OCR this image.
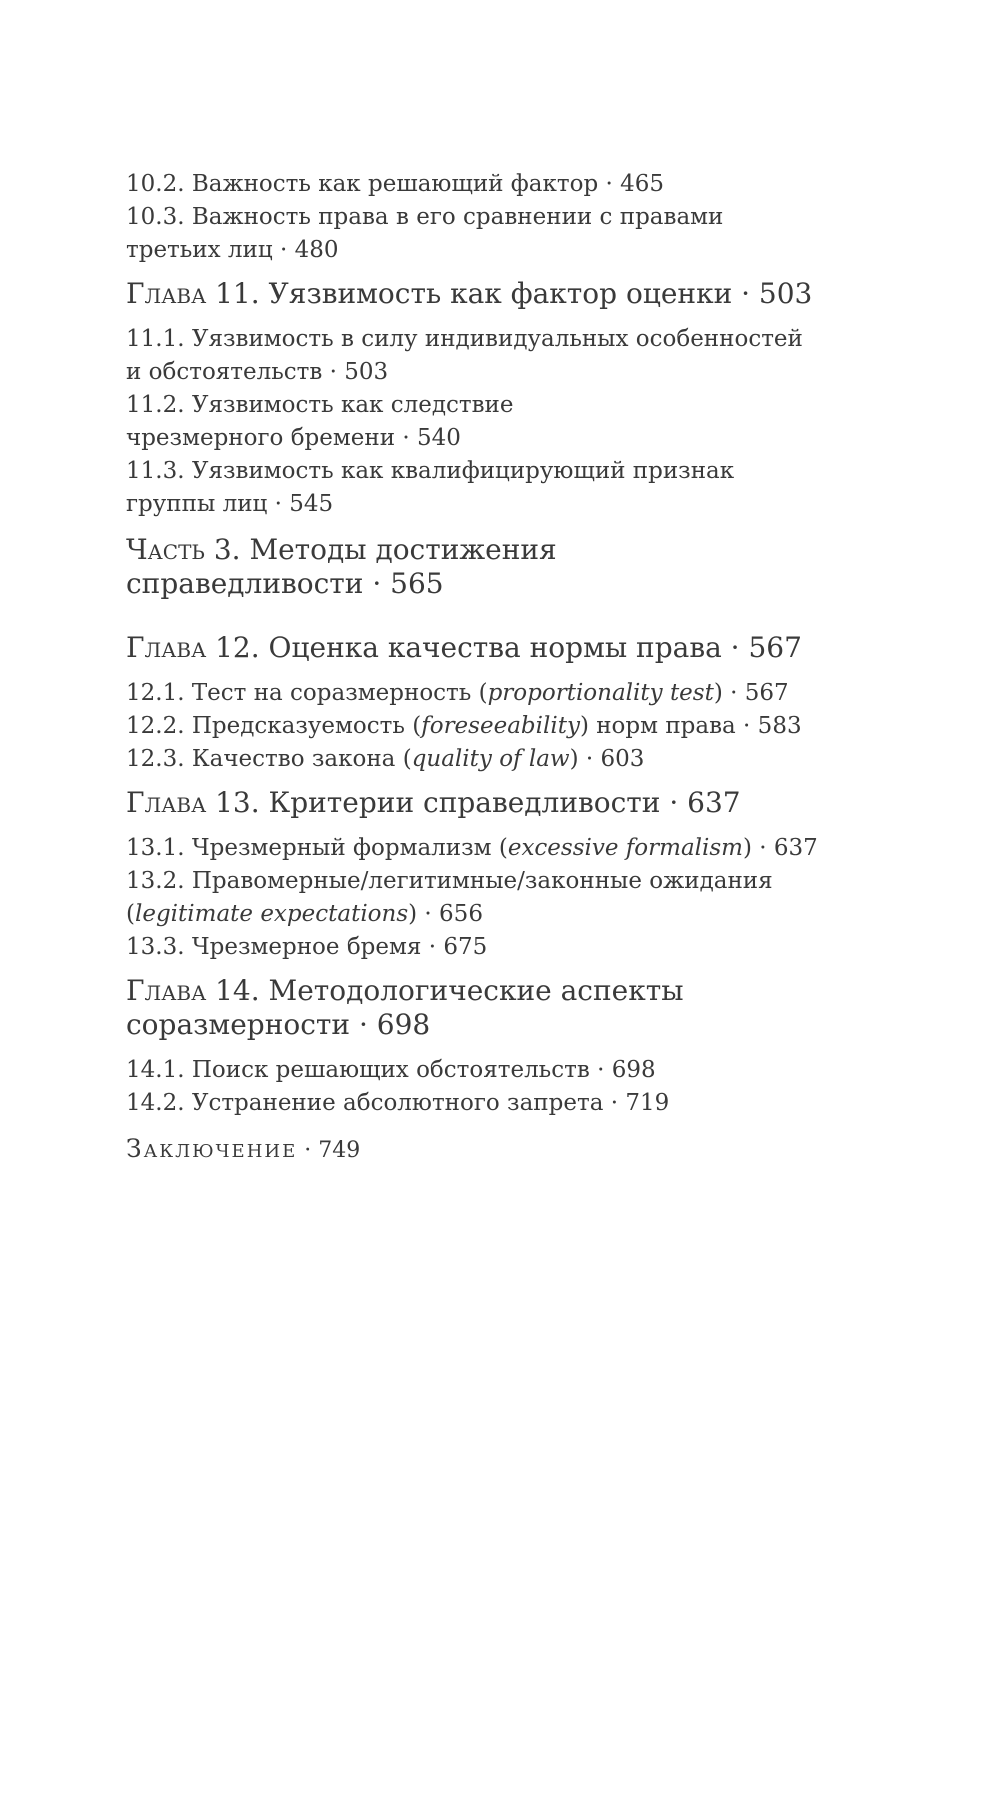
10.2. Важность как решающий фактор · 465
10.3. Важность права в его сравнении с правами
третьих лиц · 480
Глава 11. Уязвимость как фактор оценки · 503
11.1. Уязвимость в силу индивидуальных особенностей
и обстоятельств · 503
11.2. Уязвимость как следствие
чрезмерного бремени · 540
11.3. Уязвимость как квалифицирующий признак
группы лиц · 545
Часть 3. Методы достижения
справедливости · 565
Глава 12. Оценка качества нормы права · 567
12.1. Тест на соразмерность (proportionality test) · 567
12.2. Предсказуемость (foreseeability) норм права · 583
12.3. Качество закона (quality of law) · 603
Глава 13. Критерии справедливости · 637
13.1. Чрезмерный формализм (excessive formalism) · 637
13.2. Правомерные/легитимные/законные ожидания
(legitimate expectations) · 656
13.3. Чрезмерное бремя · 675
Глава 14. Методологические аспекты
соразмерности · 698
14.1. Поиск решающих обстоятельств · 698
14.2. Устранение абсолютного запрета · 719
Заключение · 749
